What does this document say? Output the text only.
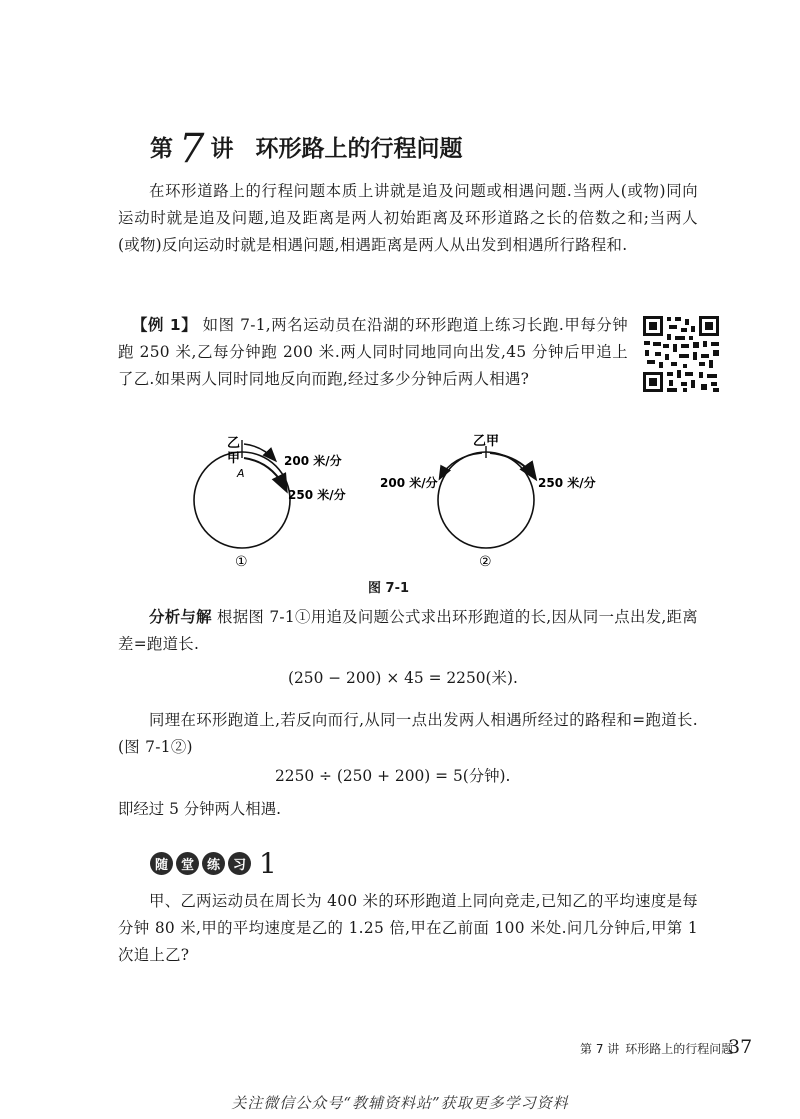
第 7 讲 环形路上的行程问题
在环形道路上的行程问题本质上讲就是追及问题或相遇问题.当两人(或物)同向运动时就是追及问题,追及距离是两人初始距离及环形道路之长的倍数之和;当两人(或物)反向运动时就是相遇问题,相遇距离是两人从出发到相遇所行路程和.
【例 1】 如图 7-1,两名运动员在沿湖的环形跑道上练习长跑.甲每分钟跑 250 米,乙每分钟跑 200 米.两人同时同地同向出发,45 分钟后甲追上了乙.如果两人同时同地反向而跑,经过多少分钟后两人相遇?
乙
甲
A
200 米/分
250 米/分
①
乙甲
200 米/分	250 米/分
②
图 7-1
分析与解 根据图 7-1①用追及问题公式求出环形跑道的长,因从同一点出发,距离差=跑道长.
(250 − 200) × 45 = 2250(米).
同理在环形跑道上,若反向而行,从同一点出发两人相遇所经过的路程和=跑道长.(图 7-1②)
2250 ÷ (250 + 200) = 5(分钟).
即经过 5 分钟两人相遇.
随 堂 练 习 1
甲、乙两运动员在周长为 400 米的环形跑道上同向竞走,已知乙的平均速度是每分钟 80 米,甲的平均速度是乙的 1.25 倍,甲在乙前面 100 米处.问几分钟后,甲第 1 次追上乙?
第 7 讲 环形路上的行程问题
37
关注微信公众号“教辅资料站”获取更多学习资料
